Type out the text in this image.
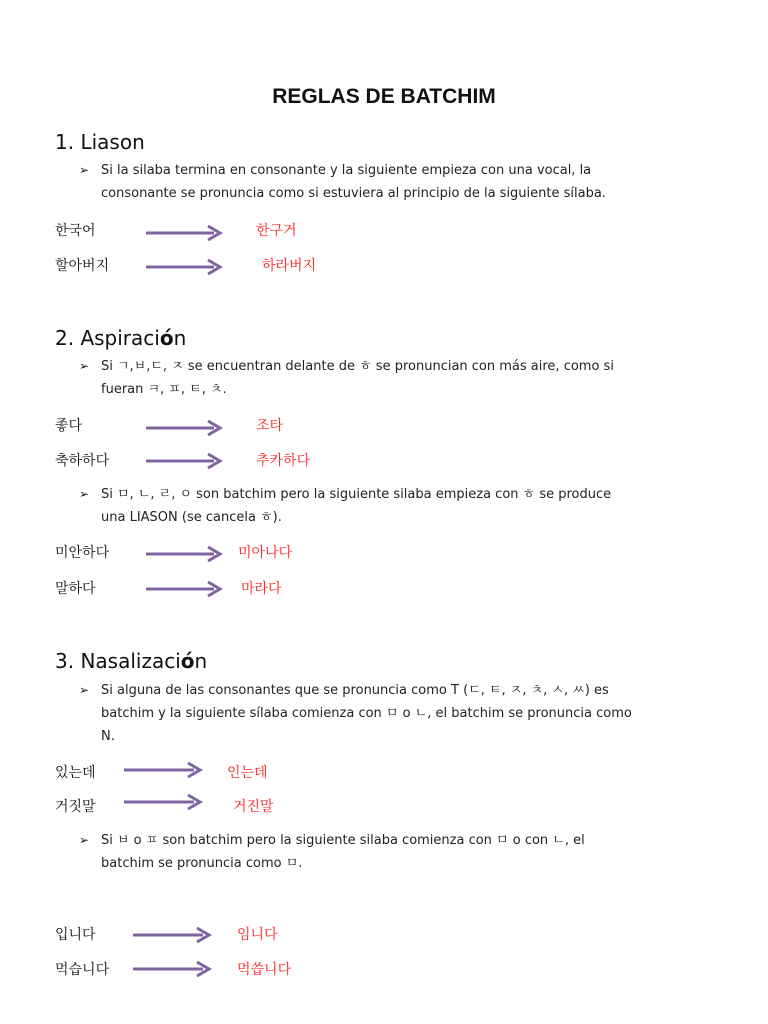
REGLAS DE BATCHIM
1. Liason
➢ Si la silaba termina en consonante y la siguiente empieza con una vocal, la
consonante se pronuncia como si estuviera al principio de la siguiente sílaba.
한국어	한구거
할아버지	하라버지
2. Aspiración
➢ Si ㄱ,ㅂ,ㄷ, ㅈ se encuentran delante de ㅎ se pronuncian con más aire, como si
fueran ㅋ, ㅍ, ㅌ, ㅊ.
좋다	조타
축하하다	추카하다
➢ Si ㅁ, ㄴ, ㄹ, ㅇ son batchim pero la siguiente silaba empieza con ㅎ se produce
una LIASON (se cancela ㅎ).
미안하다	미아나다
말하다	마라다
3. Nasalización
➢ Si alguna de las consonantes que se pronuncia como T (ㄷ, ㅌ, ㅈ, ㅊ, ㅅ, ㅆ) es
batchim y la siguiente sílaba comienza con ㅁ o ㄴ, el batchim se pronuncia como
N.
있는데	인는데
거짓말	거진말
➢ Si ㅂ o ㅍ son batchim pero la siguiente silaba comienza con ㅁ o con ㄴ, el
batchim se pronuncia como ㅁ.
입니다	임니다
먹습니다	먹씁니다
